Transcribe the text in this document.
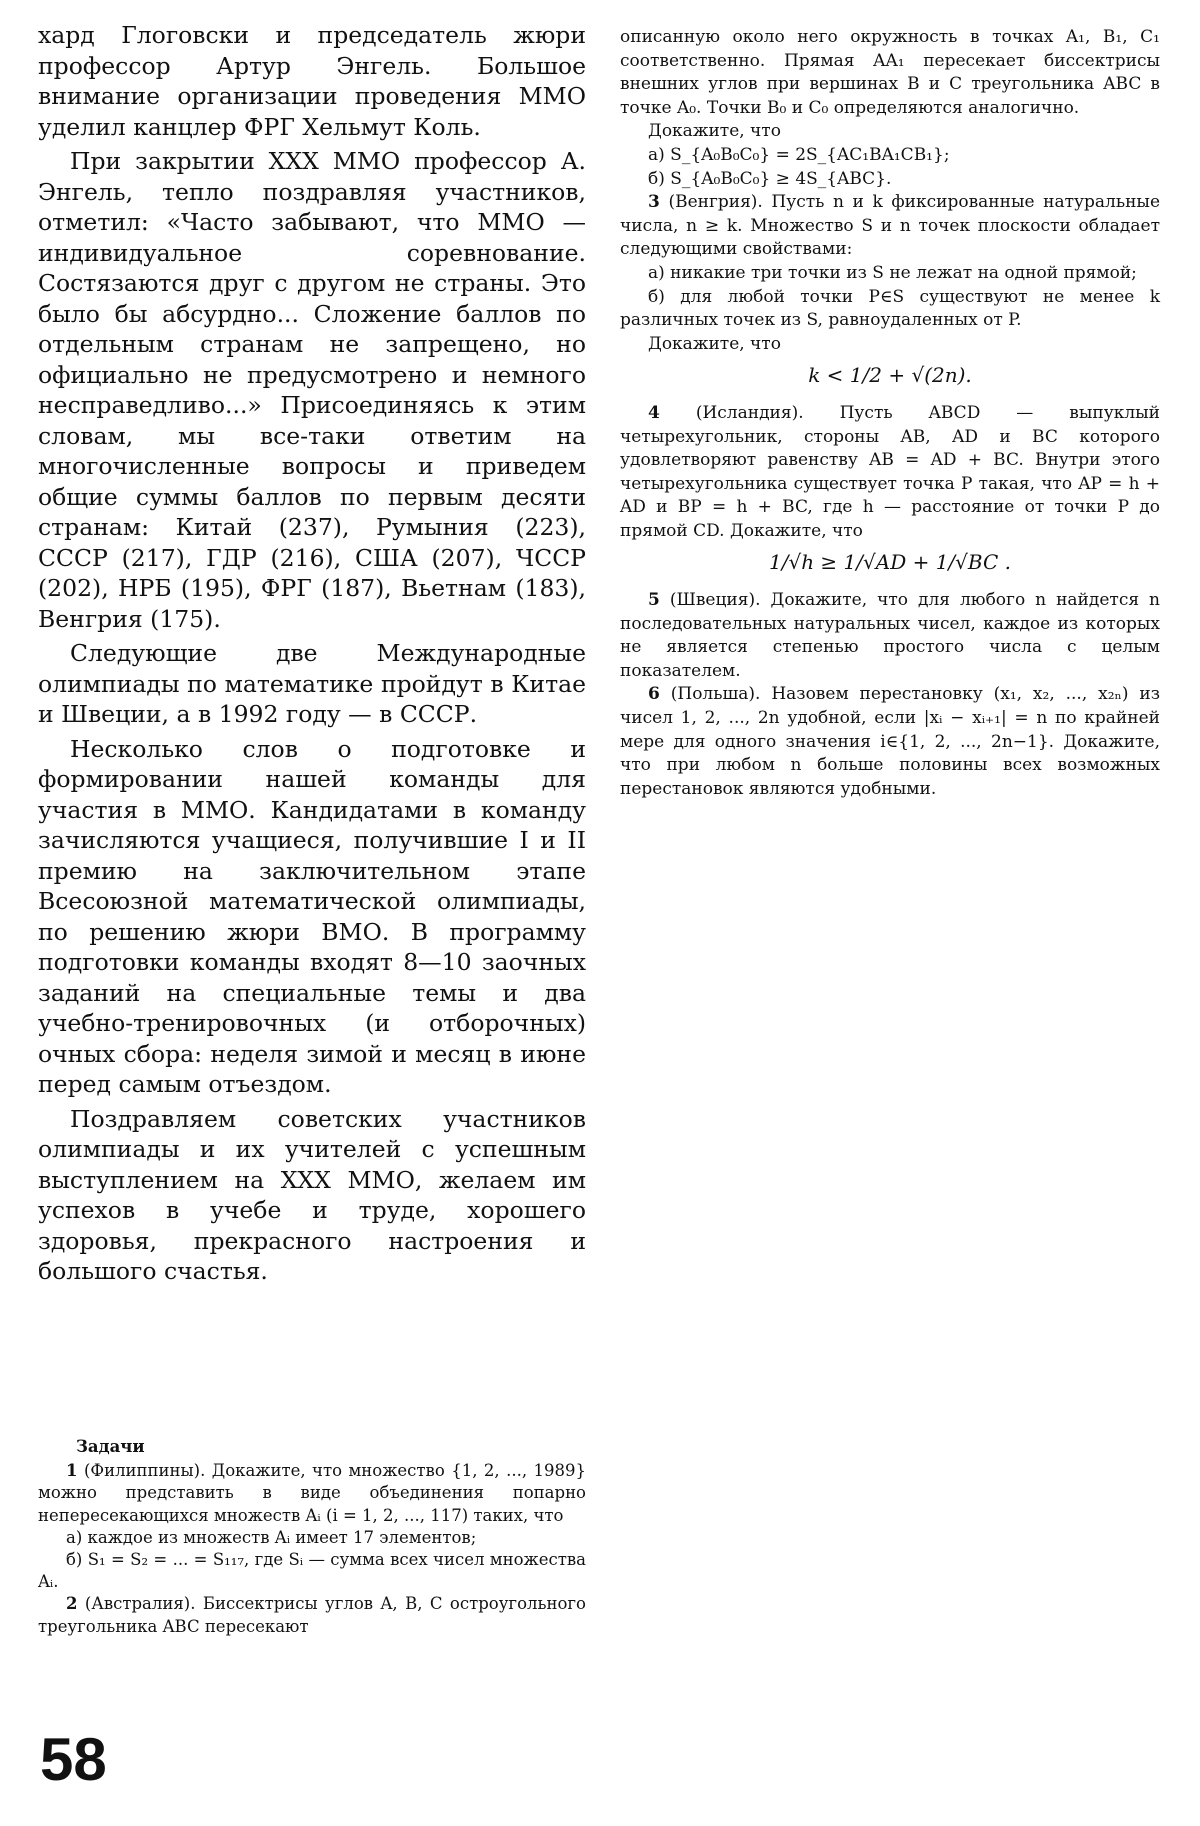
хард Глоговски и председатель жюри профессор Артур Энгель. Большое внимание организации проведения ММО уделил канцлер ФРГ Хельмут Коль.

При закрытии XXX ММО профессор А. Энгель, тепло поздравляя участников, отметил: «Часто забывают, что ММО — индивидуальное соревнование. Состязаются друг с другом не страны. Это было бы абсурдно... Сложение баллов по отдельным странам не запрещено, но официально не предусмотрено и немного несправедливо...» Присоединяясь к этим словам, мы все-таки ответим на многочисленные вопросы и приведем общие суммы баллов по первым десяти странам: Китай (237), Румыния (223), СССР (217), ГДР (216), США (207), ЧССР (202), НРБ (195), ФРГ (187), Вьетнам (183), Венгрия (175).

Следующие две Международные олимпиады по математике пройдут в Китае и Швеции, а в 1992 году — в СССР.

Несколько слов о подготовке и формировании нашей команды для участия в ММО. Кандидатами в команду зачисляются учащиеся, получившие I и II премию на заключительном этапе Всесоюзной математической олимпиады, по решению жюри ВМО. В программу подготовки команды входят 8—10 заочных заданий на специальные темы и два учебно-тренировочных (и отборочных) очных сбора: неделя зимой и месяц в июне перед самым отъездом.

Поздравляем советских участников олимпиады и их учителей с успешным выступлением на XXX ММО, желаем им успехов в учебе и труде, хорошего здоровья, прекрасного настроения и большого счастья.

Задачи

1 (Филиппины). Докажите, что множество {1, 2, ..., 1989} можно представить в виде объединения попарно непересекающихся множеств Aᵢ (i = 1, 2, ..., 117) таких, что

а) каждое из множеств Aᵢ имеет 17 элементов;

б) S₁ = S₂ = ... = S₁₁₇, где Sᵢ — сумма всех чисел множества Aᵢ.

2 (Австралия). Биссектрисы углов A, B, C остроугольного треугольника ABC пересекают

описанную около него окружность в точках A₁, B₁, C₁ соответственно. Прямая AA₁ пересекает биссектрисы внешних углов при вершинах B и C треугольника ABC в точке A₀. Точки B₀ и C₀ определяются аналогично.

Докажите, что

а) S_{A₀B₀C₀} = 2S_{AC₁BA₁CB₁};

б) S_{A₀B₀C₀} ≥ 4S_{ABC}.

3 (Венгрия). Пусть n и k фиксированные натуральные числа, n ≥ k. Множество S и n точек плоскости обладает следующими свойствами:

а) никакие три точки из S не лежат на одной прямой;

б) для любой точки P∈S существуют не менее k различных точек из S, равноудаленных от P.

Докажите, что

k < 1/2 + √(2n).

4 (Исландия). Пусть ABCD — выпуклый четырехугольник, стороны AB, AD и BC которого удовлетворяют равенству AB = AD + BC. Внутри этого четырехугольника существует точка P такая, что AP = h + AD и BP = h + BC, где h — расстояние от точки P до прямой CD. Докажите, что

1/√h ≥ 1/√AD + 1/√BC .

5 (Швеция). Докажите, что для любого n найдется n последовательных натуральных чисел, каждое из которых не является степенью простого числа с целым показателем.

6 (Польша). Назовем перестановку (x₁, x₂, ..., x₂ₙ) из чисел 1, 2, ..., 2n удобной, если |xᵢ − xᵢ₊₁| = n по крайней мере для одного значения i∈{1, 2, ..., 2n−1}. Докажите, что при любом n больше половины всех возможных перестановок являются удобными.

58
